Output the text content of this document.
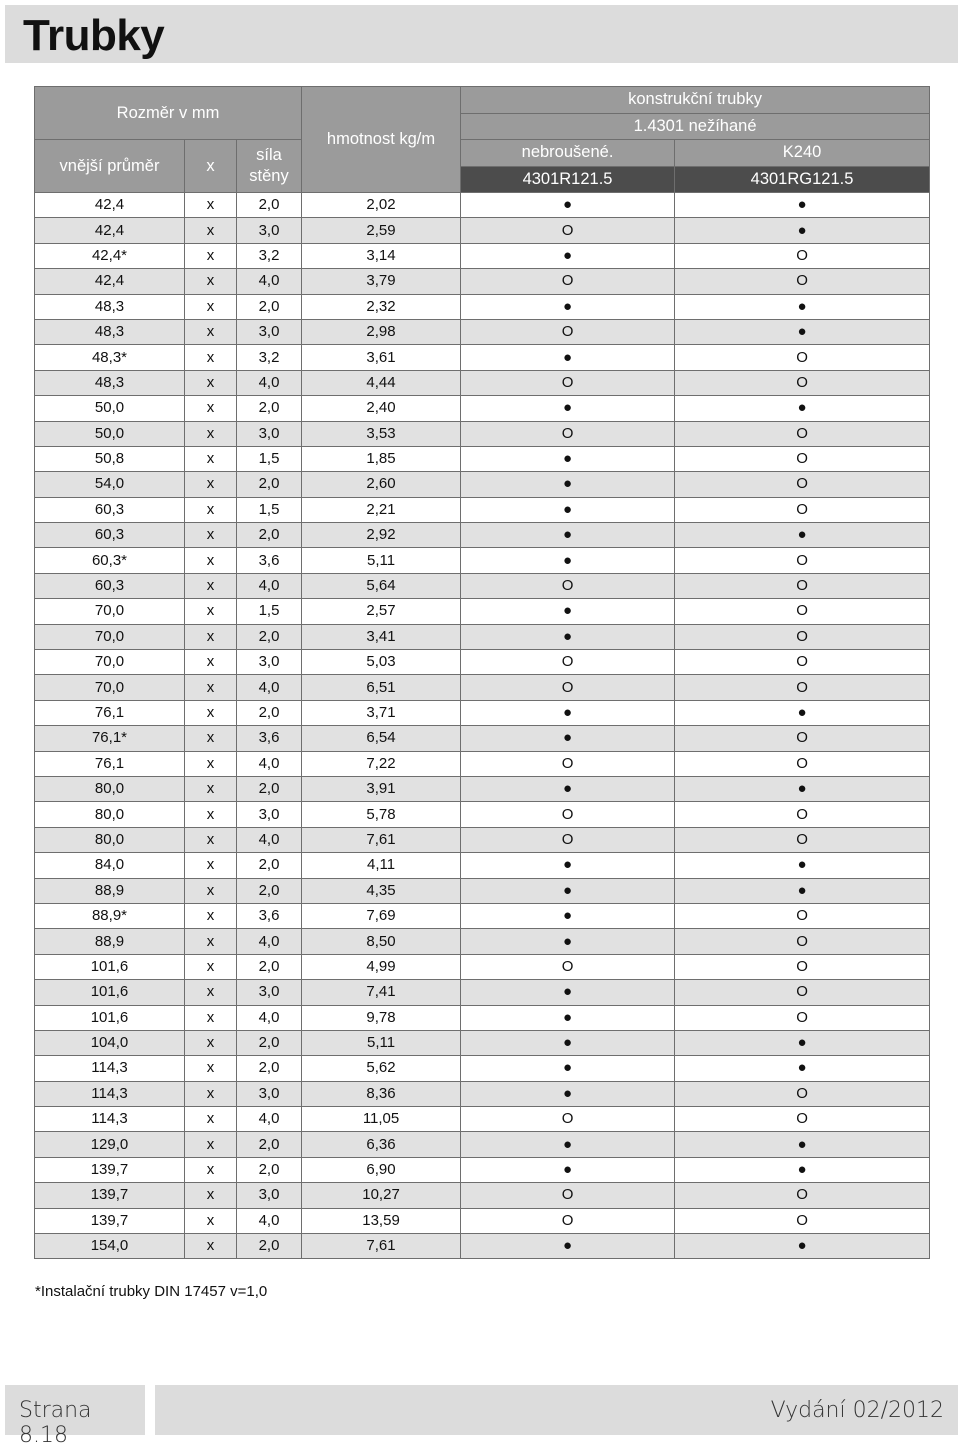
Trubky
Rozměr v mm			hmotnost kg/m	konstrukční trubky	
				1.4301 nežíhané	
vnější průměr	x	síla
stěny		nebroušené.	K240
				4301R121.5	4301RG121.5
42,4	x	2,0	2,02	●	●
42,4	x	3,0	2,59	O	●
42,4*	x	3,2	3,14	●	O
42,4	x	4,0	3,79	O	O
48,3	x	2,0	2,32	●	●
48,3	x	3,0	2,98	O	●
48,3*	x	3,2	3,61	●	O
48,3	x	4,0	4,44	O	O
50,0	x	2,0	2,40	●	●
50,0	x	3,0	3,53	O	O
50,8	x	1,5	1,85	●	O
54,0	x	2,0	2,60	●	O
60,3	x	1,5	2,21	●	O
60,3	x	2,0	2,92	●	●
60,3*	x	3,6	5,11	●	O
60,3	x	4,0	5,64	O	O
70,0	x	1,5	2,57	●	O
70,0	x	2,0	3,41	●	O
70,0	x	3,0	5,03	O	O
70,0	x	4,0	6,51	O	O
76,1	x	2,0	3,71	●	●
76,1*	x	3,6	6,54	●	O
76,1	x	4,0	7,22	O	O
80,0	x	2,0	3,91	●	●
80,0	x	3,0	5,78	O	O
80,0	x	4,0	7,61	O	O
84,0	x	2,0	4,11	●	●
88,9	x	2,0	4,35	●	●
88,9*	x	3,6	7,69	●	O
88,9	x	4,0	8,50	●	O
101,6	x	2,0	4,99	O	O
101,6	x	3,0	7,41	●	O
101,6	x	4,0	9,78	●	O
104,0	x	2,0	5,11	●	●
114,3	x	2,0	5,62	●	●
114,3	x	3,0	8,36	●	O
114,3	x	4,0	11,05	O	O
129,0	x	2,0	6,36	●	●
139,7	x	2,0	6,90	●	●
139,7	x	3,0	10,27	O	O
139,7	x	4,0	13,59	O	O
154,0	x	2,0	7,61	●	●
*Instalační trubky DIN 17457 v=1,0
Strana 8.18
Vydání 02/2012
